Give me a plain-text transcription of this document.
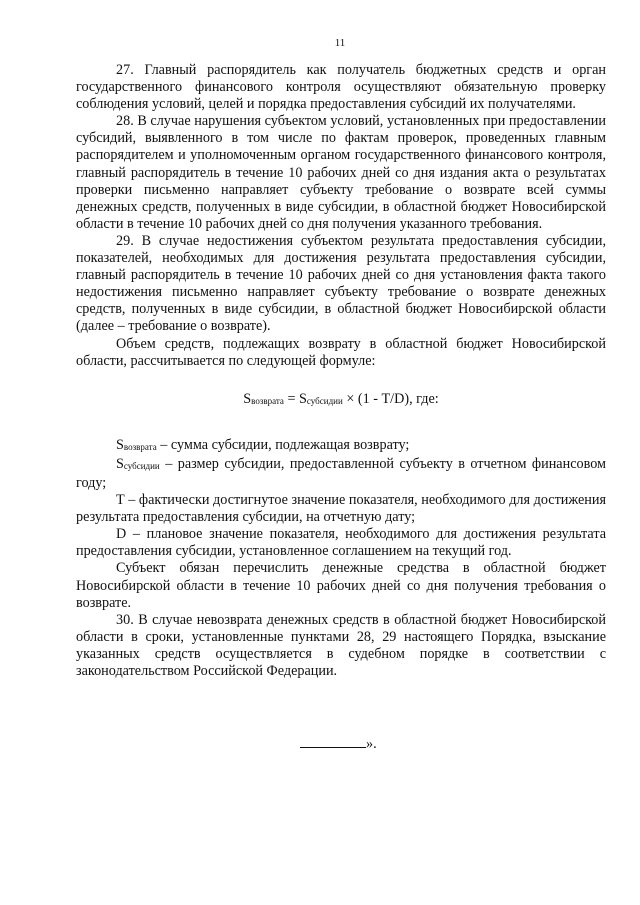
11

27. Главный распорядитель как получатель бюджетных средств и орган государственного финансового контроля осуществляют обязательную проверку соблюдения условий, целей и порядка предоставления субсидий их получателями.

28. В случае нарушения субъектом условий, установленных при предоставлении субсидий, выявленного в том числе по фактам проверок, проведенных главным распорядителем и уполномоченным органом государственного финансового контроля, главный распорядитель в течение 10 рабочих дней со дня издания акта о результатах проверки письменно направляет субъекту требование о возврате всей суммы денежных средств, полученных в виде субсидии, в областной бюджет Новосибирской области в течение 10 рабочих дней со дня получения указанного требования.

29. В случае недостижения субъектом результата предоставления субсидии, показателей, необходимых для достижения результата предоставления субсидии, главный распорядитель в течение 10 рабочих дней со дня установления факта такого недостижения письменно направляет субъекту требование о возврате денежных средств, полученных в виде субсидии, в областной бюджет Новосибирской области (далее – требование о возврате).

Объем средств, подлежащих возврату в областной бюджет Новосибирской области, рассчитывается по следующей формуле:

Sвозврата = Sсубсидии × (1 - T/D), где:

Sвозврата – сумма субсидии, подлежащая возврату;

Sсубсидии – размер субсидии, предоставленной субъекту в отчетном финансовом году;

Т – фактически достигнутое значение показателя, необходимого для достижения результата предоставления субсидии, на отчетную дату;

D – плановое значение показателя, необходимого для достижения результата предоставления субсидии, установленное соглашением на текущий год.

Субъект обязан перечислить денежные средства в областной бюджет Новосибирской области в течение 10 рабочих дней со дня получения требования о возврате.

30. В случае невозврата денежных средств в областной бюджет Новосибирской области в сроки, установленные пунктами 28, 29 настоящего Порядка, взыскание указанных средств осуществляется в судебном порядке в соответствии с законодательством Российской Федерации.

».
